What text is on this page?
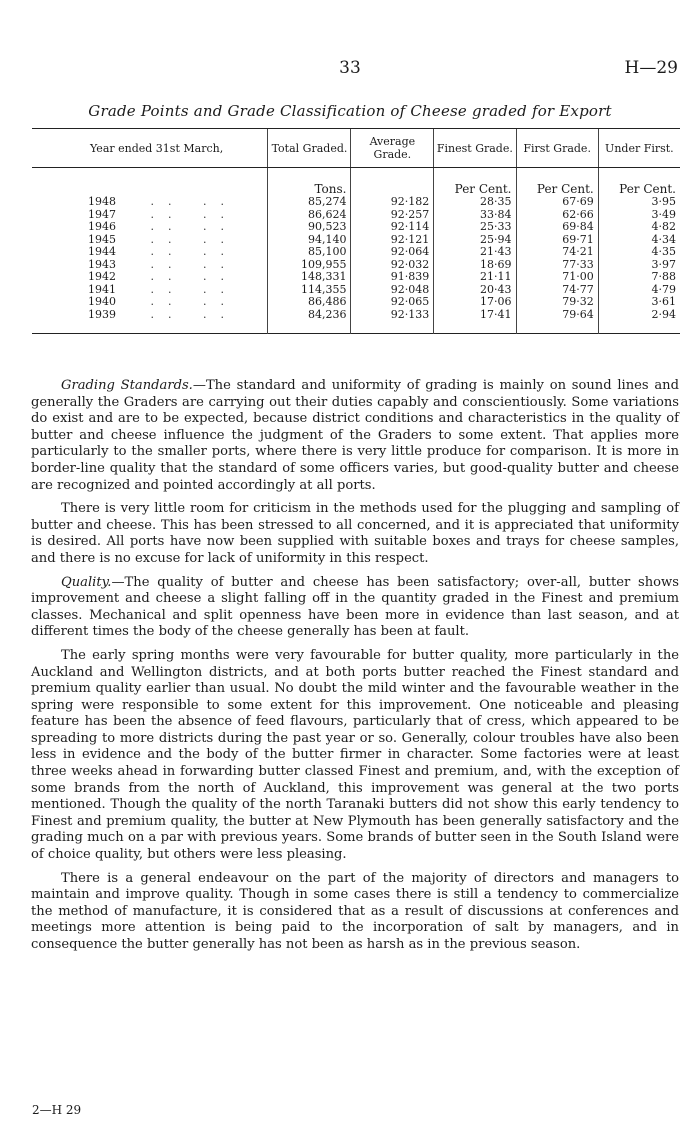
33	H—29
Grade Points and Grade Classification of Cheese graded for Export
Year ended 31st March,	Total Graded.	Average Grade.	Finest Grade.	First Grade.	Under First.
	Tons.		Per Cent.	Per Cent.	Per Cent.
1948 .. ..	85,274	92·182	28·35	67·69	3·95
1947 .. ..	86,624	92·257	33·84	62·66	3·49
1946 .. ..	90,523	92·114	25·33	69·84	4·82
1945 .. ..	94,140	92·121	25·94	69·71	4·34
1944 .. ..	85,100	92·064	21·43	74·21	4·35
1943 .. ..	109,955	92·032	18·69	77·33	3·97
1942 .. ..	148,331	91·839	21·11	71·00	7·88
1941 .. ..	114,355	92·048	20·43	74·77	4·79
1940 .. ..	86,486	92·065	17·06	79·32	3·61
1939 .. ..	84,236	92·133	17·41	79·64	2·94

Grading Standards.—The standard and uniformity of grading is mainly on sound lines and generally the Graders are carrying out their duties capably and conscientiously. Some variations do exist and are to be expected, because district conditions and characteristics in the quality of butter and cheese influence the judgment of the Graders to some extent. That applies more particularly to the smaller ports, where there is very little produce for comparison. It is more in border-line quality that the standard of some officers varies, but good-quality butter and cheese are recognized and pointed accordingly at all ports.

There is very little room for criticism in the methods used for the plugging and sampling of butter and cheese. This has been stressed to all concerned, and it is appreciated that uniformity is desired. All ports have now been supplied with suitable boxes and trays for cheese samples, and there is no excuse for lack of uniformity in this respect.

Quality.—The quality of butter and cheese has been satisfactory; over-all, butter shows improvement and cheese a slight falling off in the quantity graded in the Finest and premium classes. Mechanical and split openness have been more in evidence than last season, and at different times the body of the cheese generally has been at fault.

The early spring months were very favourable for butter quality, more particularly in the Auckland and Wellington districts, and at both ports butter reached the Finest standard and premium quality earlier than usual. No doubt the mild winter and the favourable weather in the spring were responsible to some extent for this improvement. One noticeable and pleasing feature has been the absence of feed flavours, particularly that of cress, which appeared to be spreading to more districts during the past year or so. Generally, colour troubles have also been less in evidence and the body of the butter firmer in character. Some factories were at least three weeks ahead in forwarding butter classed Finest and premium, and, with the exception of some brands from the north of Auckland, this improvement was general at the two ports mentioned. Though the quality of the north Taranaki butters did not show this early tendency to Finest and premium quality, the butter at New Plymouth has been generally satisfactory and the grading much on a par with previous years. Some brands of butter seen in the South Island were of choice quality, but others were less pleasing.

There is a general endeavour on the part of the majority of directors and managers to maintain and improve quality. Though in some cases there is still a tendency to commercialize the method of manufacture, it is considered that as a result of discussions at conferences and meetings more attention is being paid to the incorporation of salt by managers, and in consequence the butter generally has not been as harsh as in the previous season.

2—H 29
